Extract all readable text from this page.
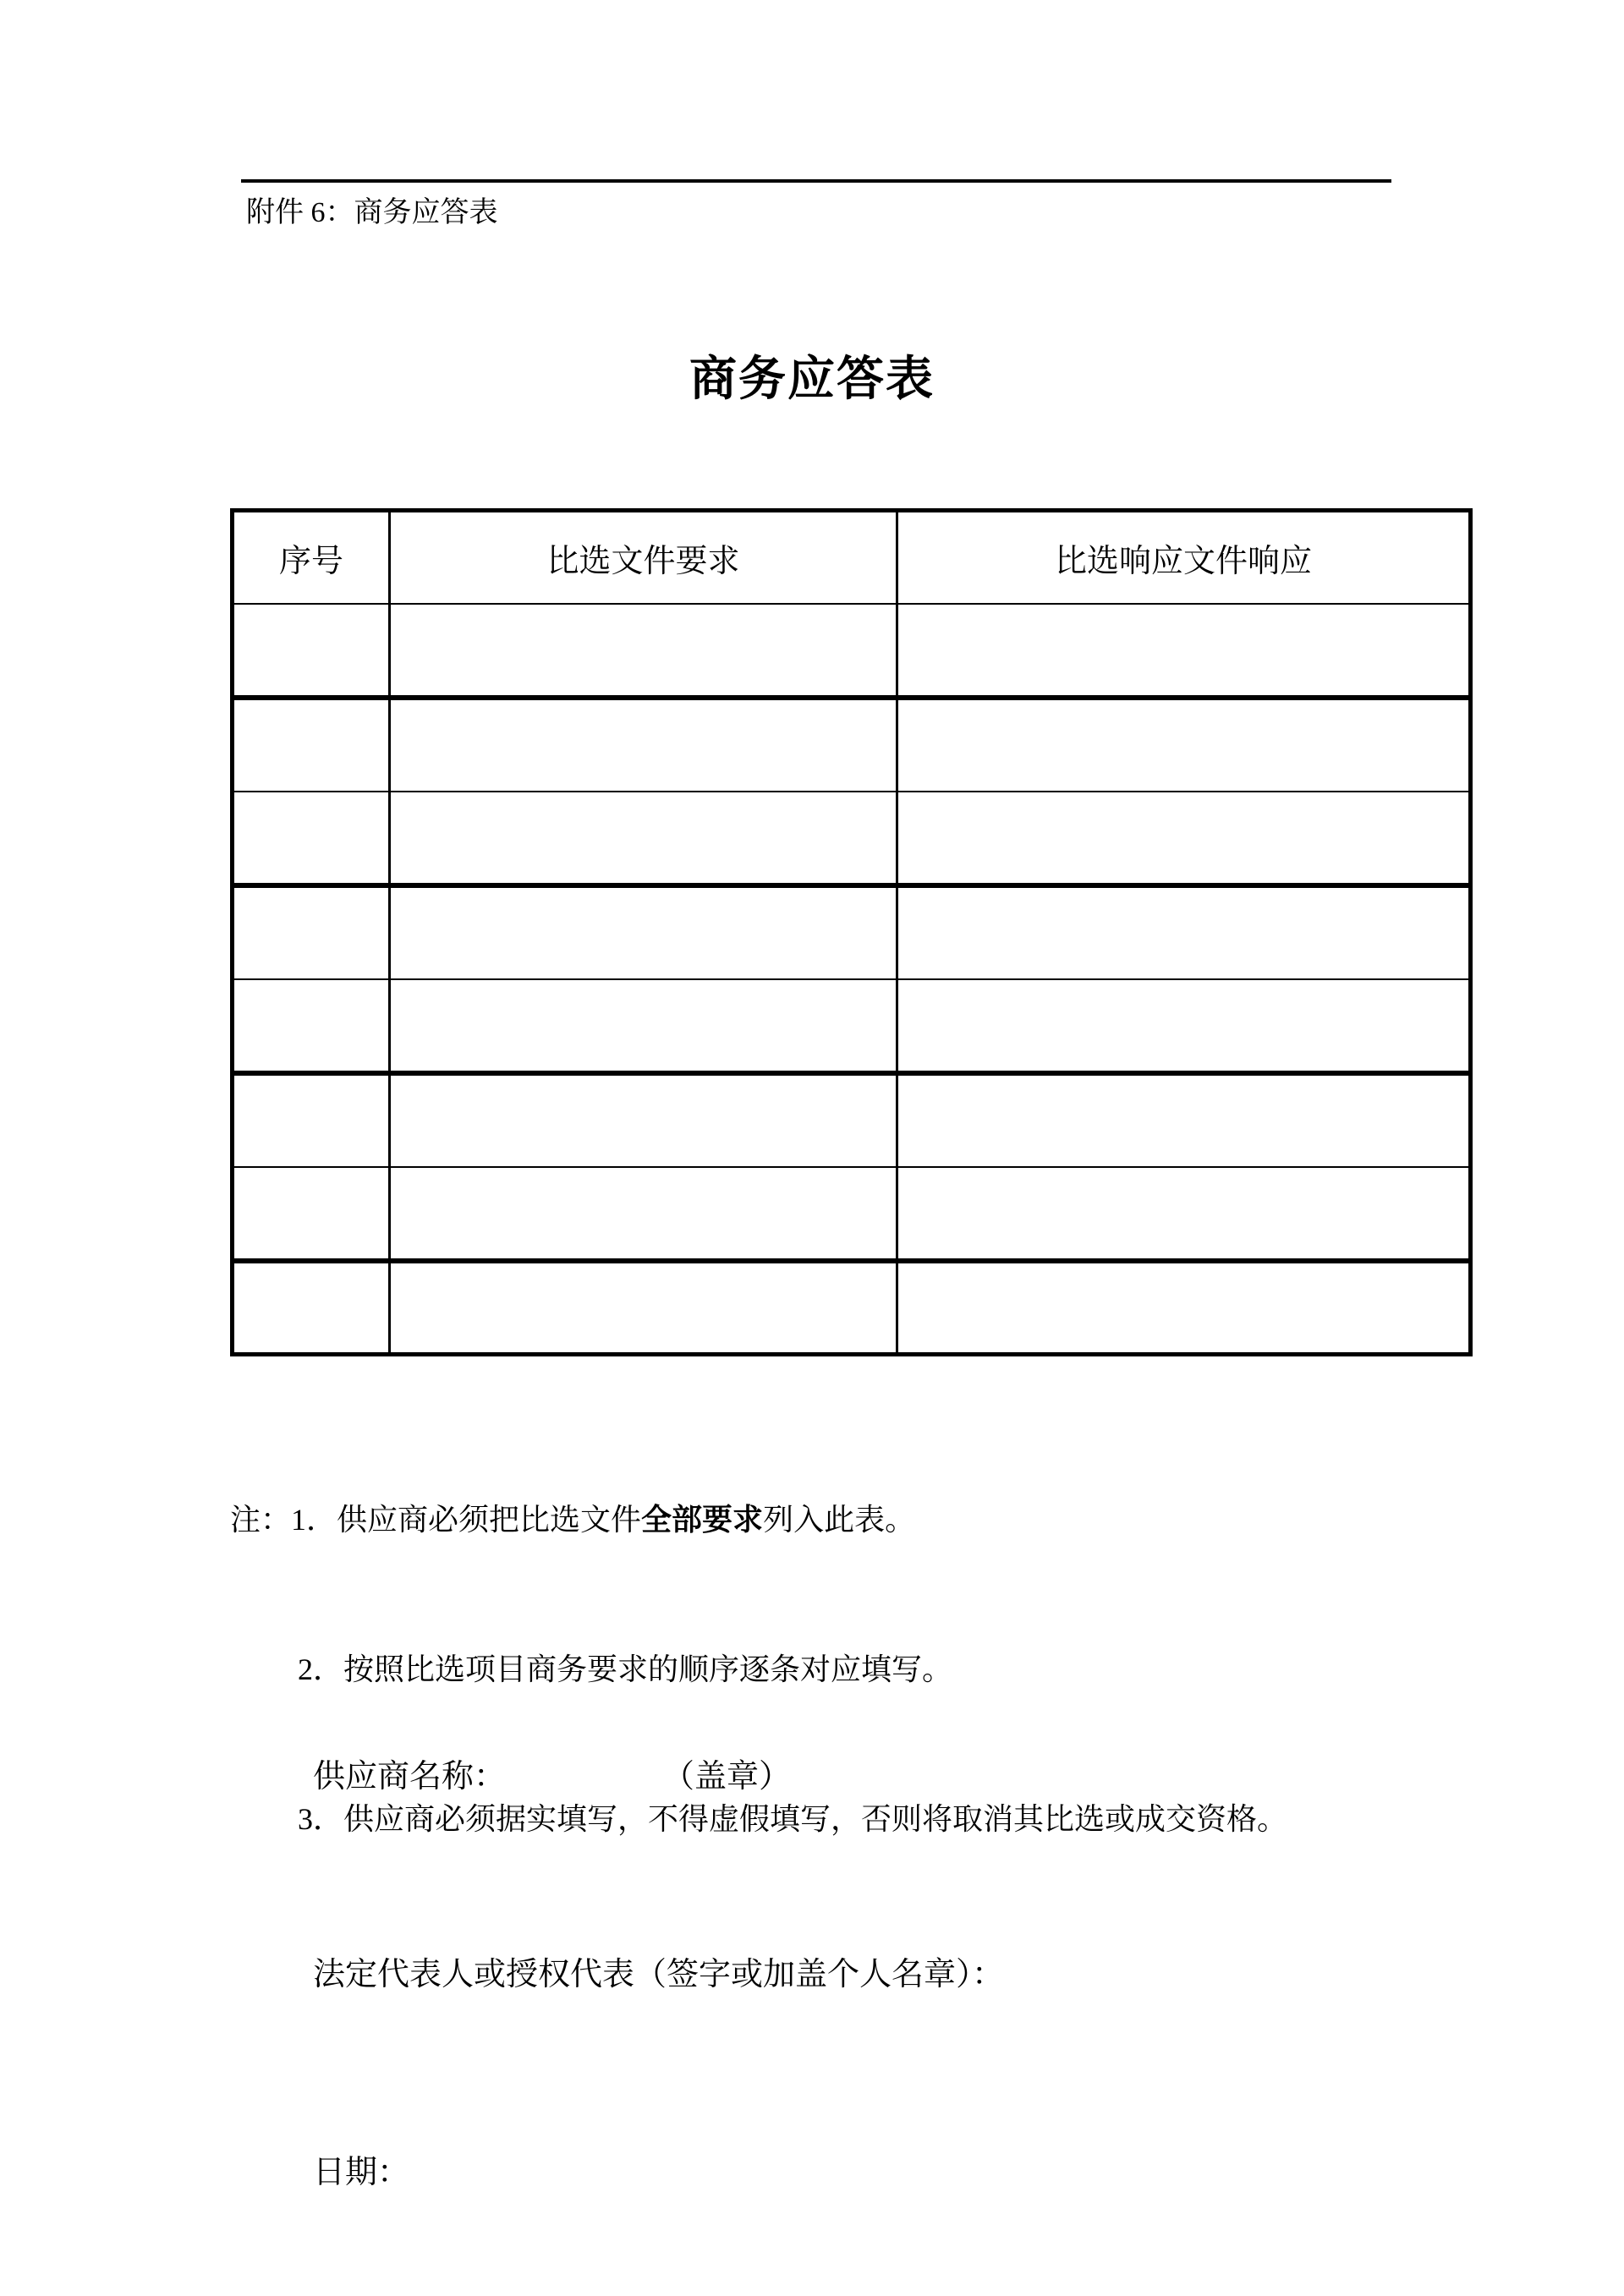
附件 6：商务应答表
商务应答表
序号	比选文件要求	比选响应文件响应

注：1．供应商必须把比选文件全部要求列入此表。

2．按照比选项目商务要求的顺序逐条对应填写。

3．供应商必须据实填写，不得虚假填写，否则将取消其比选或成交资格。

供应商名称：	（盖章）

法定代表人或授权代表（签字或加盖个人名章）：

日期：
